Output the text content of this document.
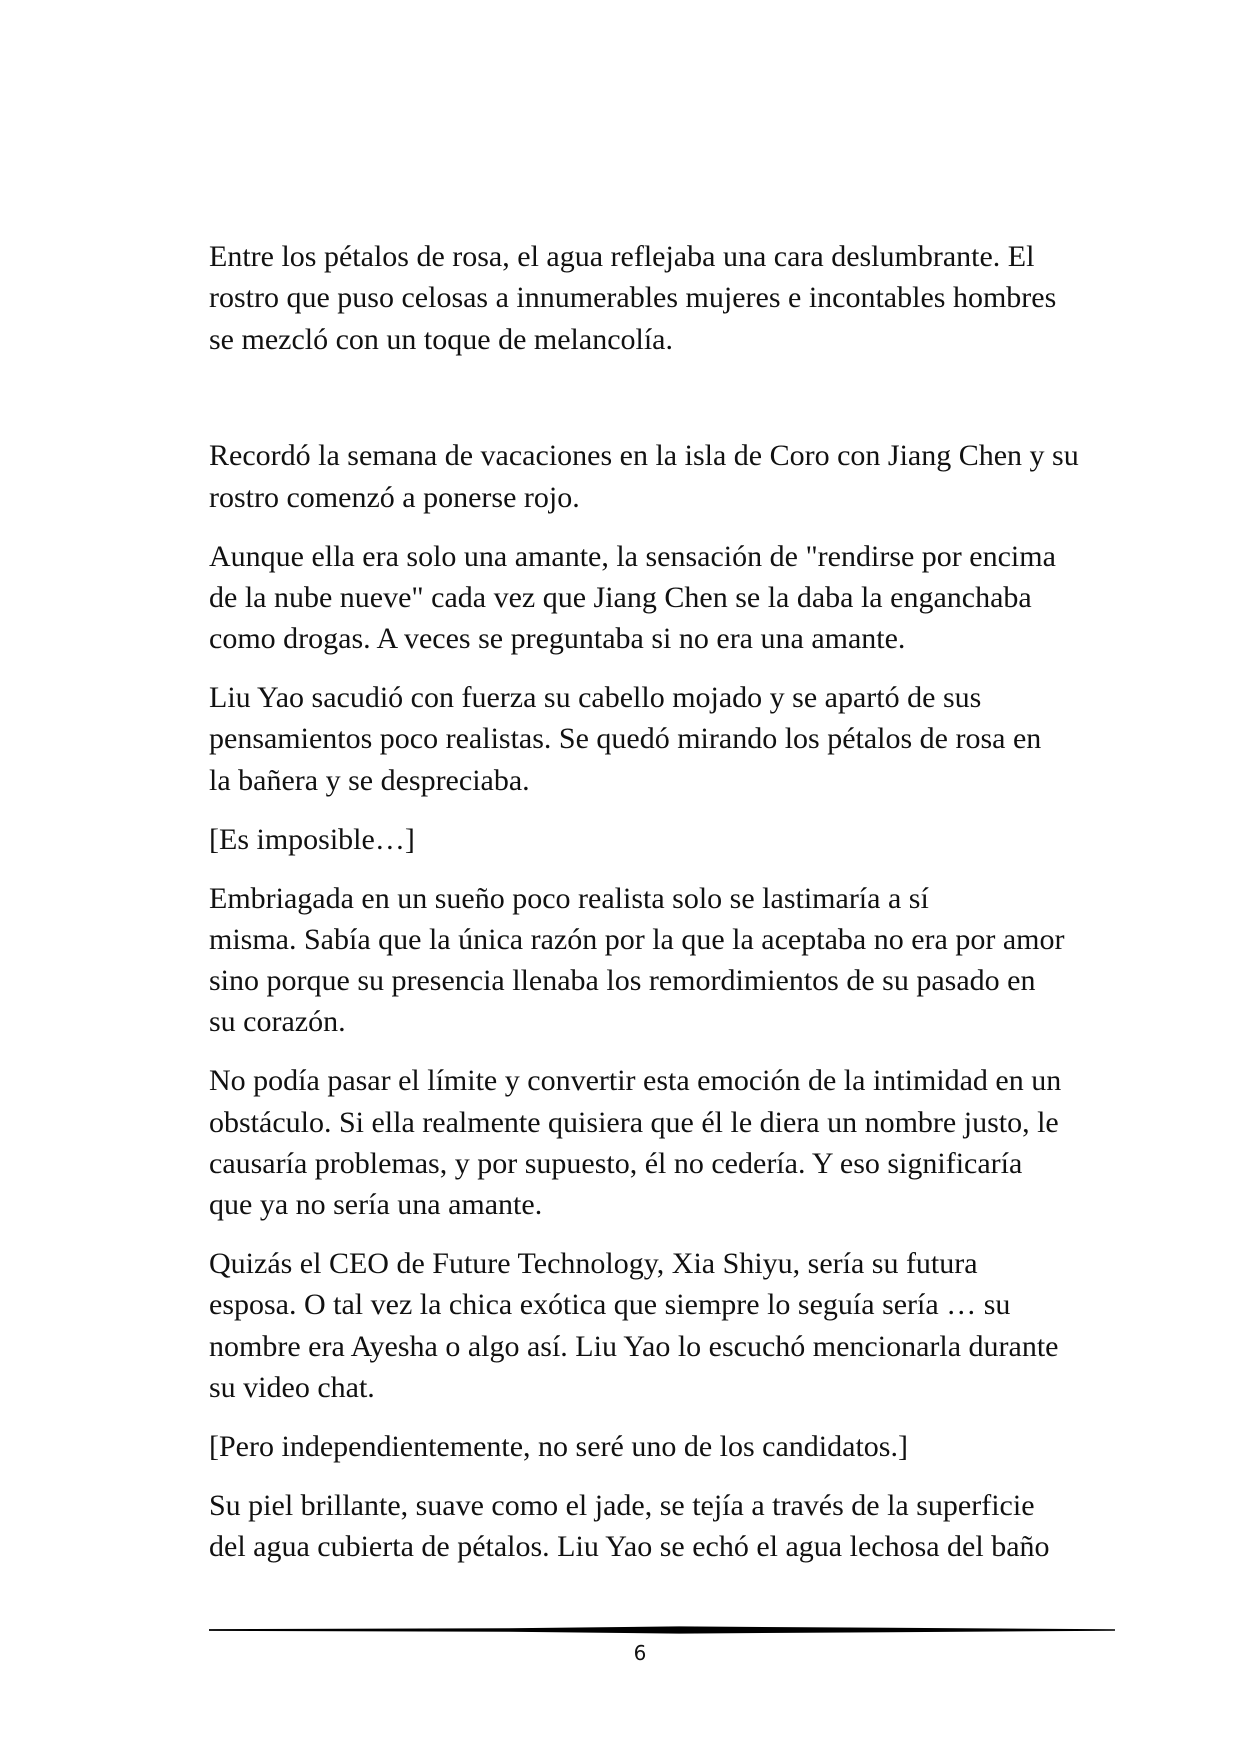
Entre los pétalos de rosa, el agua reflejaba una cara deslumbrante. El
rostro que puso celosas a innumerables mujeres e incontables hombres
se mezcló con un toque de melancolía.
Recordó la semana de vacaciones en la isla de Coro con Jiang Chen y su
rostro comenzó a ponerse rojo.
Aunque ella era solo una amante, la sensación de "rendirse por encima
de la nube nueve" cada vez que Jiang Chen se la daba la enganchaba
como drogas. A veces se preguntaba si no era una amante.
Liu Yao sacudió con fuerza su cabello mojado y se apartó de sus
pensamientos poco realistas. Se quedó mirando los pétalos de rosa en
la bañera y se despreciaba.
[Es imposible…]
Embriagada en un sueño poco realista solo se lastimaría a sí
misma. Sabía que la única razón por la que la aceptaba no era por amor
sino porque su presencia llenaba los remordimientos de su pasado en
su corazón.
No podía pasar el límite y convertir esta emoción de la intimidad en un
obstáculo. Si ella realmente quisiera que él le diera un nombre justo, le
causaría problemas, y por supuesto, él no cedería. Y eso significaría
que ya no sería una amante.
Quizás el CEO de Future Technology, Xia Shiyu, sería su futura
esposa. O tal vez la chica exótica que siempre lo seguía sería … su
nombre era Ayesha o algo así. Liu Yao lo escuchó mencionarla durante
su video chat.
[Pero independientemente, no seré uno de los candidatos.]
Su piel brillante, suave como el jade, se tejía a través de la superficie
del agua cubierta de pétalos. Liu Yao se echó el agua lechosa del baño
6
